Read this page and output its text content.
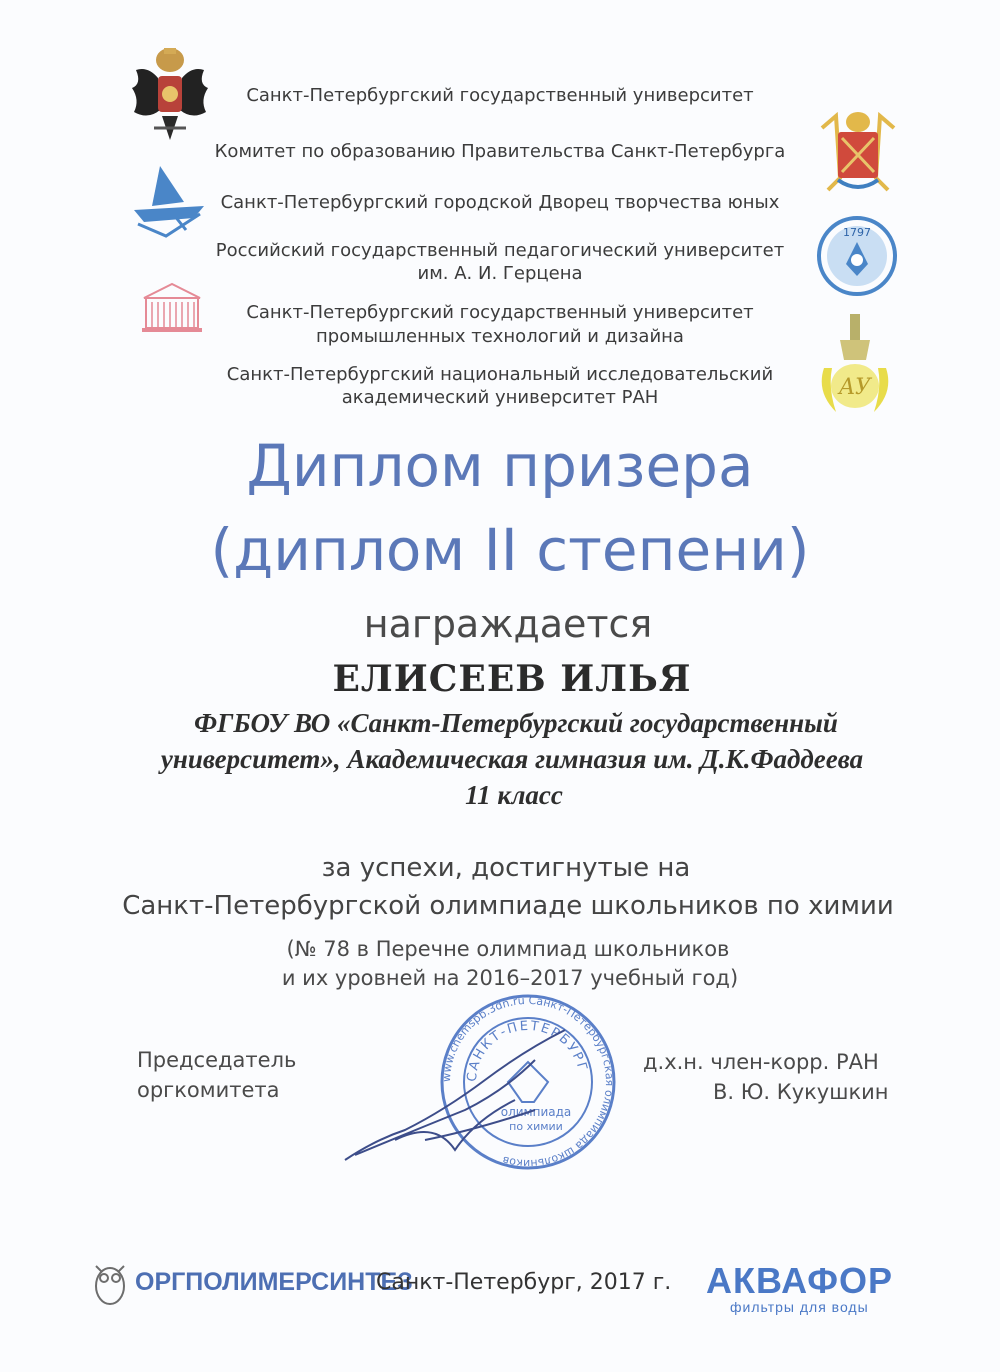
1797
AУ

Санкт-Петербургский государственный университет

Комитет по образованию Правительства Санкт-Петербурга

Санкт-Петербургский городской Дворец творчества юных

Российский государственный педагогический университет

им. А. И. Герцена

Санкт-Петербургский государственный университет

промышленных технологий и дизайна

Санкт-Петербургский национальный исследовательский

академический университет РАН

Диплом призера
(диплом II степени)

награждается

ЕЛИСЕЕВ ИЛЬЯ

ФГБОУ ВО «Санкт-Петербургский государственный

университет», Академическая гимназия им. Д.К.Фаддеева

11 класс

за успехи, достигнутые на

Санкт-Петербургской олимпиаде школьников по химии

(№ 78 в Перечне олимпиад школьников

и их уровней на 2016–2017 учебный год)

Председатель

оргкомитета

д.х.н. член-корр. РАН

В. Ю. Кукушкин

www.chemspb.3dn.ru Санкт-Петербургская олимпиада школьников
САНКТ-ПЕТЕРБУРГ
олимпиада
по химии
ОРГПОЛИМЕРСИНТЕЗ
Санкт-Петербург, 2017 г. АКВАФОР
фильтры для воды
